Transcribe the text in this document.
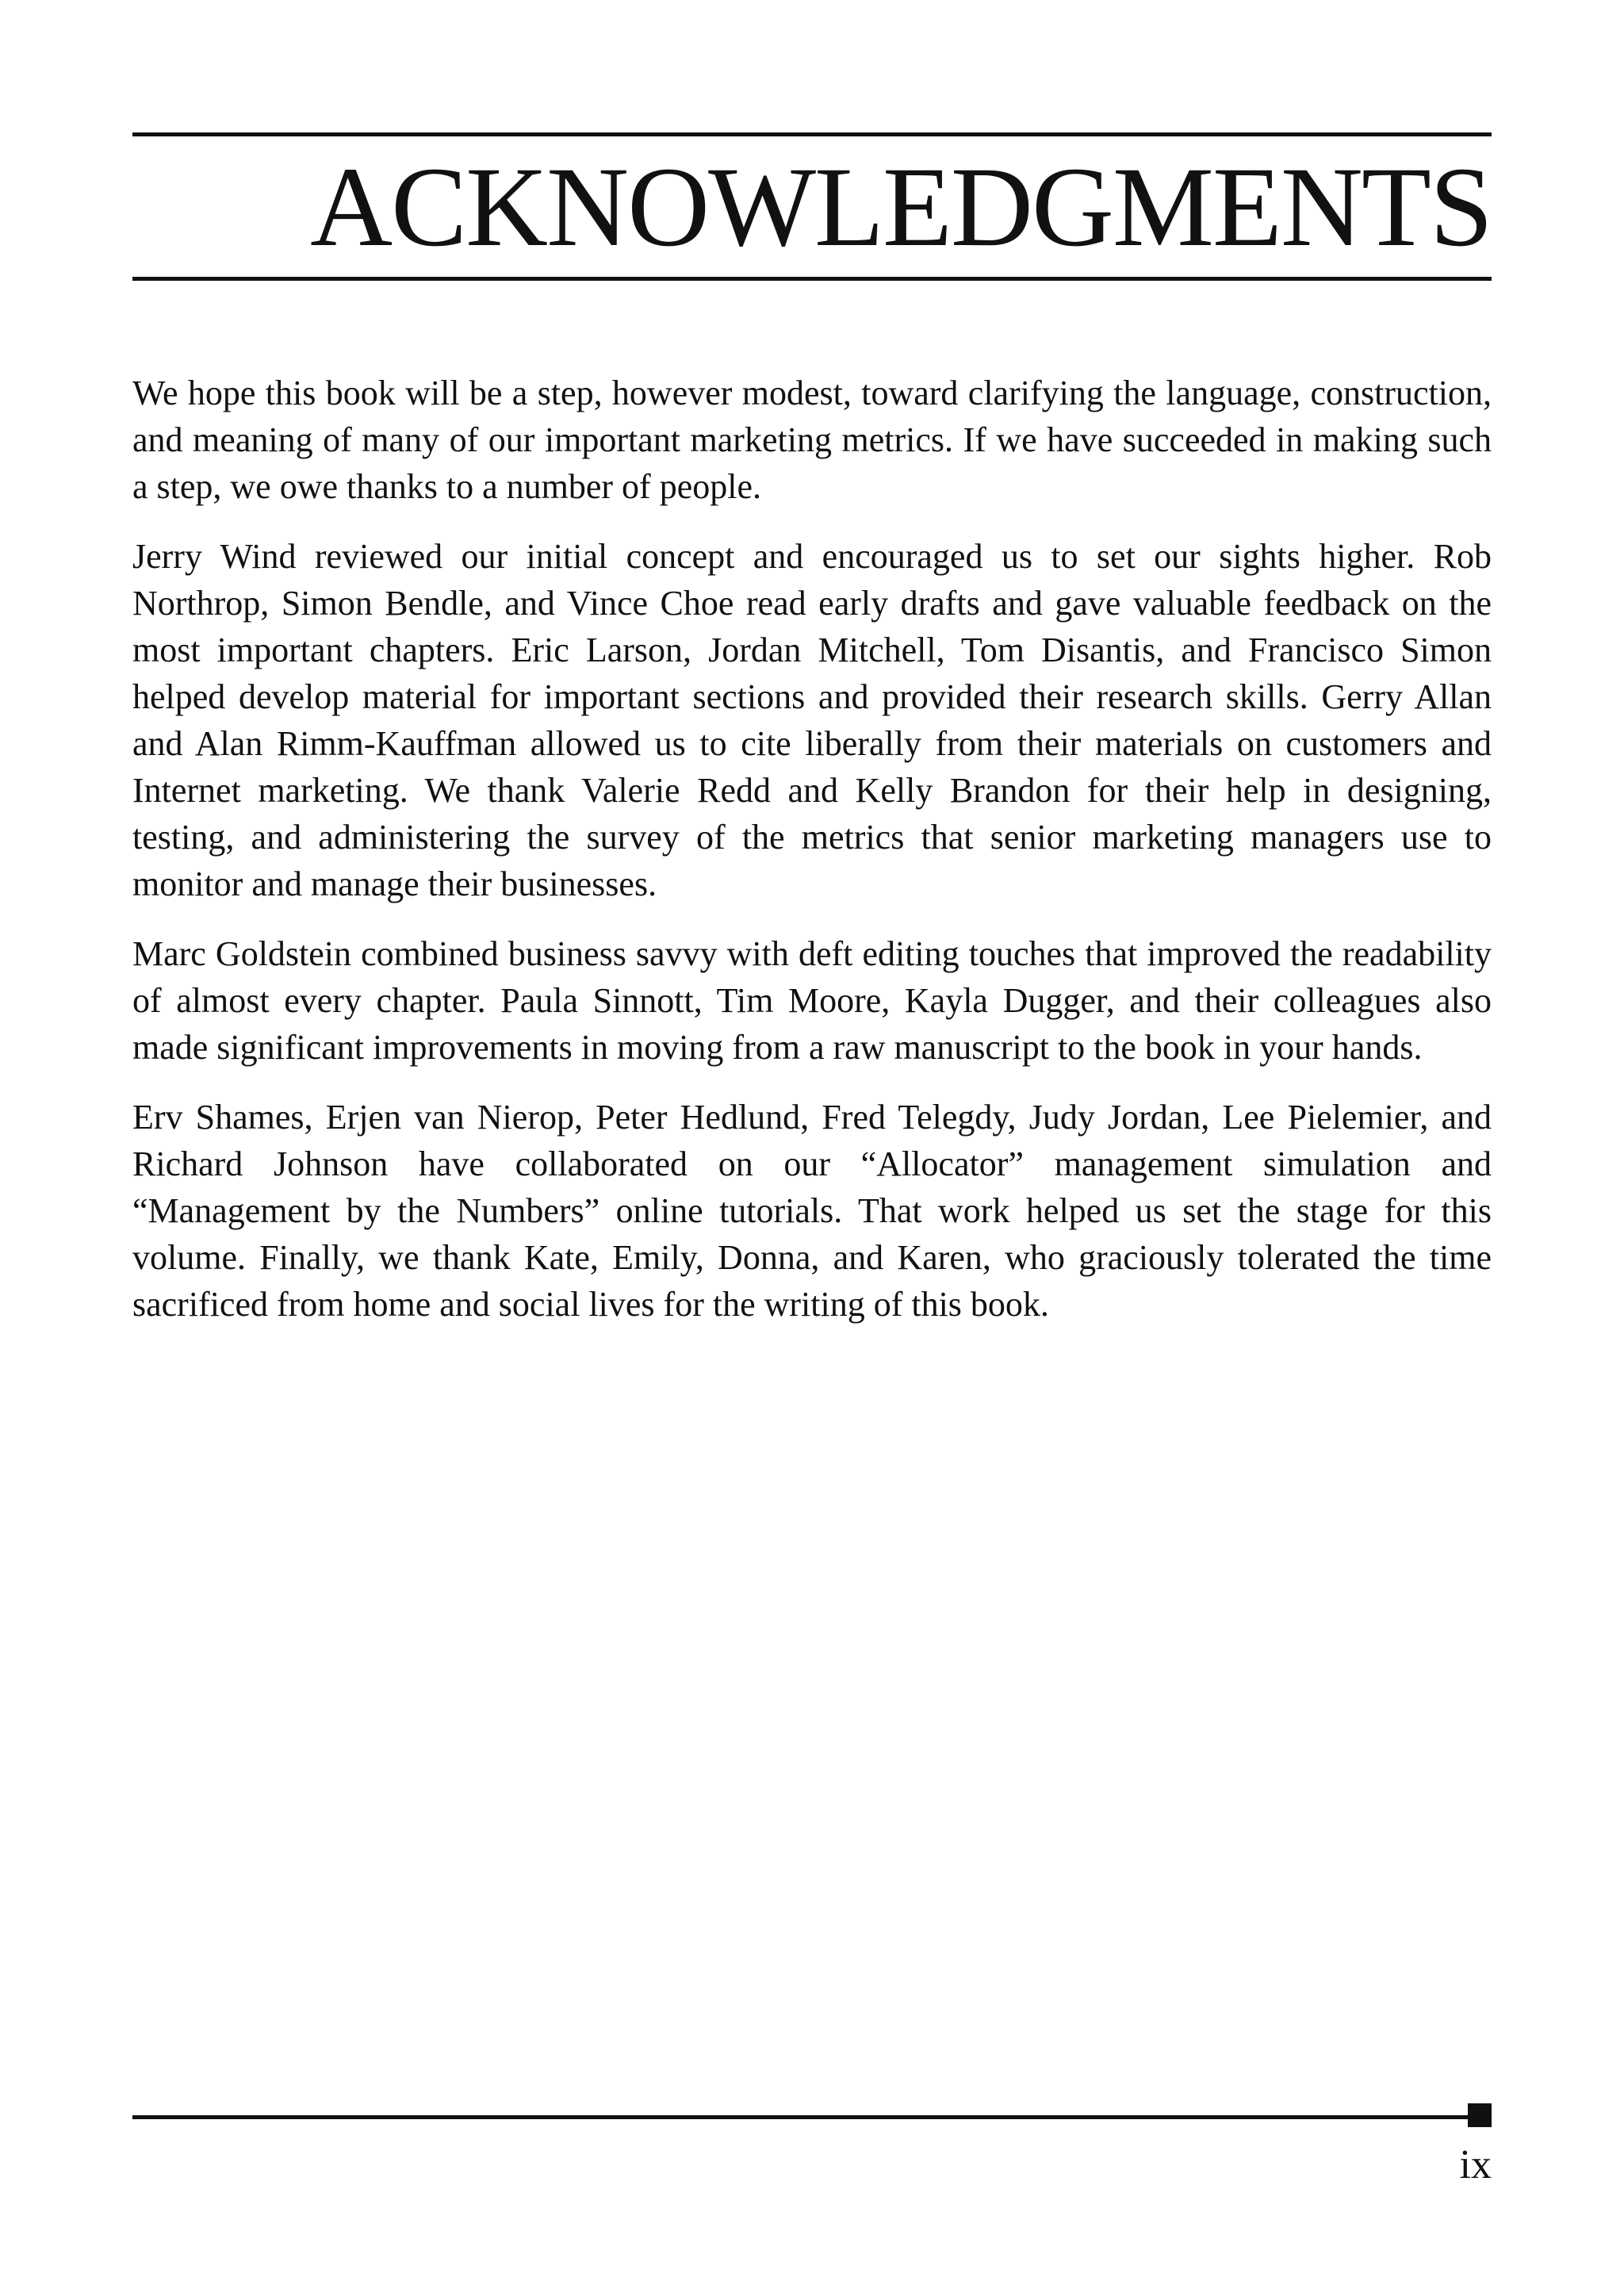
ACKNOWLEDGMENTS

We hope this book will be a step, however modest, toward clarifying the language, construction, and meaning of many of our important marketing metrics. If we have succeeded in making such a step, we owe thanks to a number of people.

Jerry Wind reviewed our initial concept and encouraged us to set our sights higher. Rob Northrop, Simon Bendle, and Vince Choe read early drafts and gave valuable feedback on the most important chapters. Eric Larson, Jordan Mitchell, Tom Disantis, and Francisco Simon helped develop material for important sections and provided their research skills. Gerry Allan and Alan Rimm-Kauffman allowed us to cite liberally from their materials on customers and Internet marketing. We thank Valerie Redd and Kelly Brandon for their help in designing, testing, and administering the survey of the metrics that senior marketing managers use to monitor and manage their businesses.

Marc Goldstein combined business savvy with deft editing touches that improved the readability of almost every chapter. Paula Sinnott, Tim Moore, Kayla Dugger, and their colleagues also made significant improvements in moving from a raw manuscript to the book in your hands.

Erv Shames, Erjen van Nierop, Peter Hedlund, Fred Telegdy, Judy Jordan, Lee Pielemier, and Richard Johnson have collaborated on our “Allocator” management simulation and “Management by the Numbers” online tutorials. That work helped us set the stage for this volume. Finally, we thank Kate, Emily, Donna, and Karen, who graciously tolerated the time sacrificed from home and social lives for the writing of this book.

ix
